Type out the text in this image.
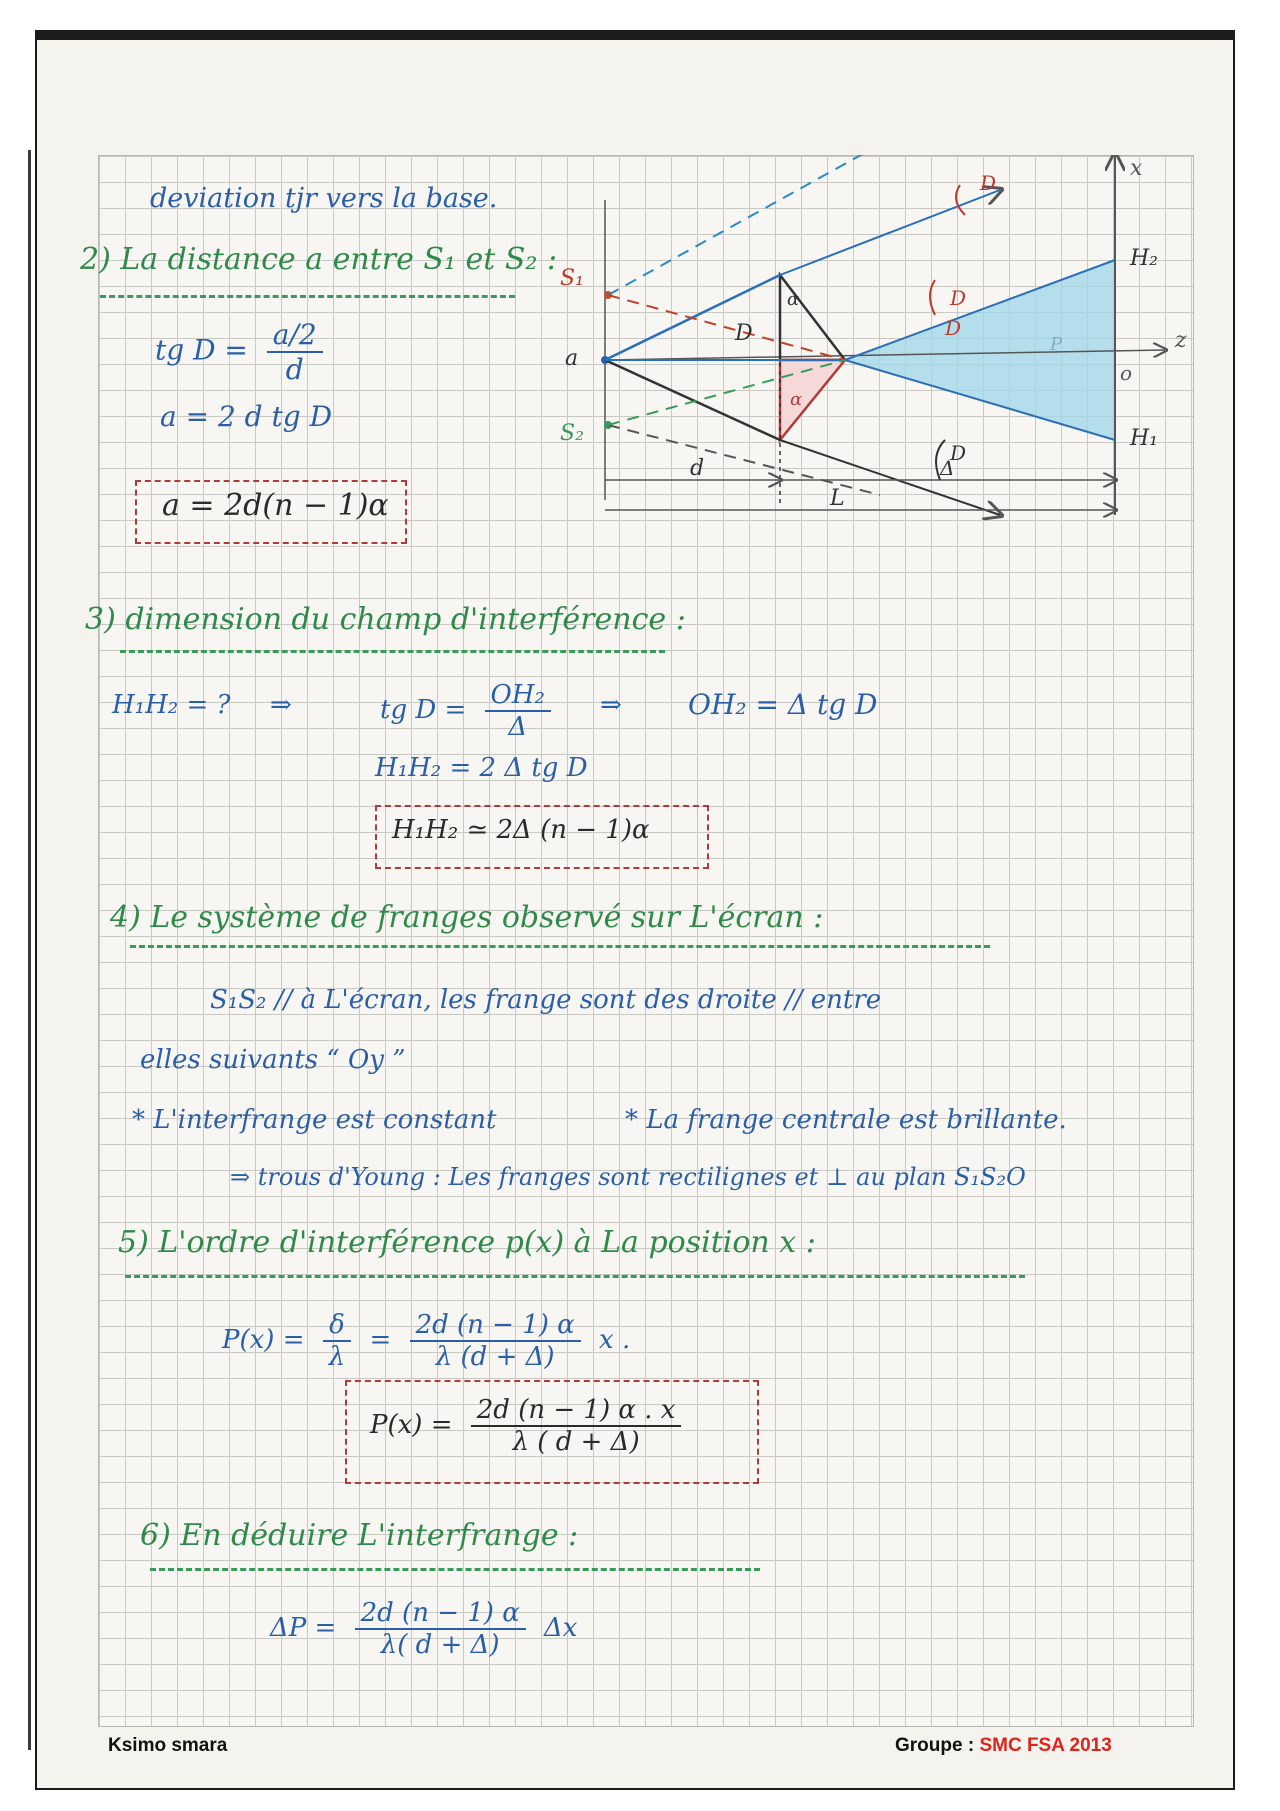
deviation tjr vers la base.
2) La distance a entre S₁ et S₂ :
tg $D = \frac{a/2}{d}$
a = 2 d tg D
a = 2d(n − 1)α
x
z
o
H₂
H₁
S₁
S₂
a
D
D
D
D
D
α
α
d	Δ
L
P
3) dimension du champ d'interférence :
H₁H₂ = ? ⇒	tg $D = \frac{\text{OH₂}}{\Delta}$ ⇒ OH₂ = Δ tg D
H₁H₂ = 2 Δ tg D
H₁H₂ ≃ 2Δ (n − 1)α
4) Le système de franges observé sur L'écran :
S₁S₂ // à L'écran, les frange sont des droite // entre
elles suivants “ Oy ”
* L'interfrange est constant	* La frange centrale est brillante.
⇒ trous d'Young : Les franges sont rectilignes et ⊥ au plan S₁S₂O
5) L'ordre d'interférence p(x) à La position x :
$P(x) = \frac{\delta}{\lambda} = \frac{2d (n - 1) \alpha}{\lambda (d + \Delta)}$ x .
$P(x) = \frac{2d (n - 1) \alpha . x}{\lambda ( d + \Delta)}$
6) En déduire L'interfrange :
$\Delta P = \frac{2d (n - 1) \alpha}{\lambda( d + \Delta)}$ Δx
Ksimo smara	Groupe : SMC FSA 2013
